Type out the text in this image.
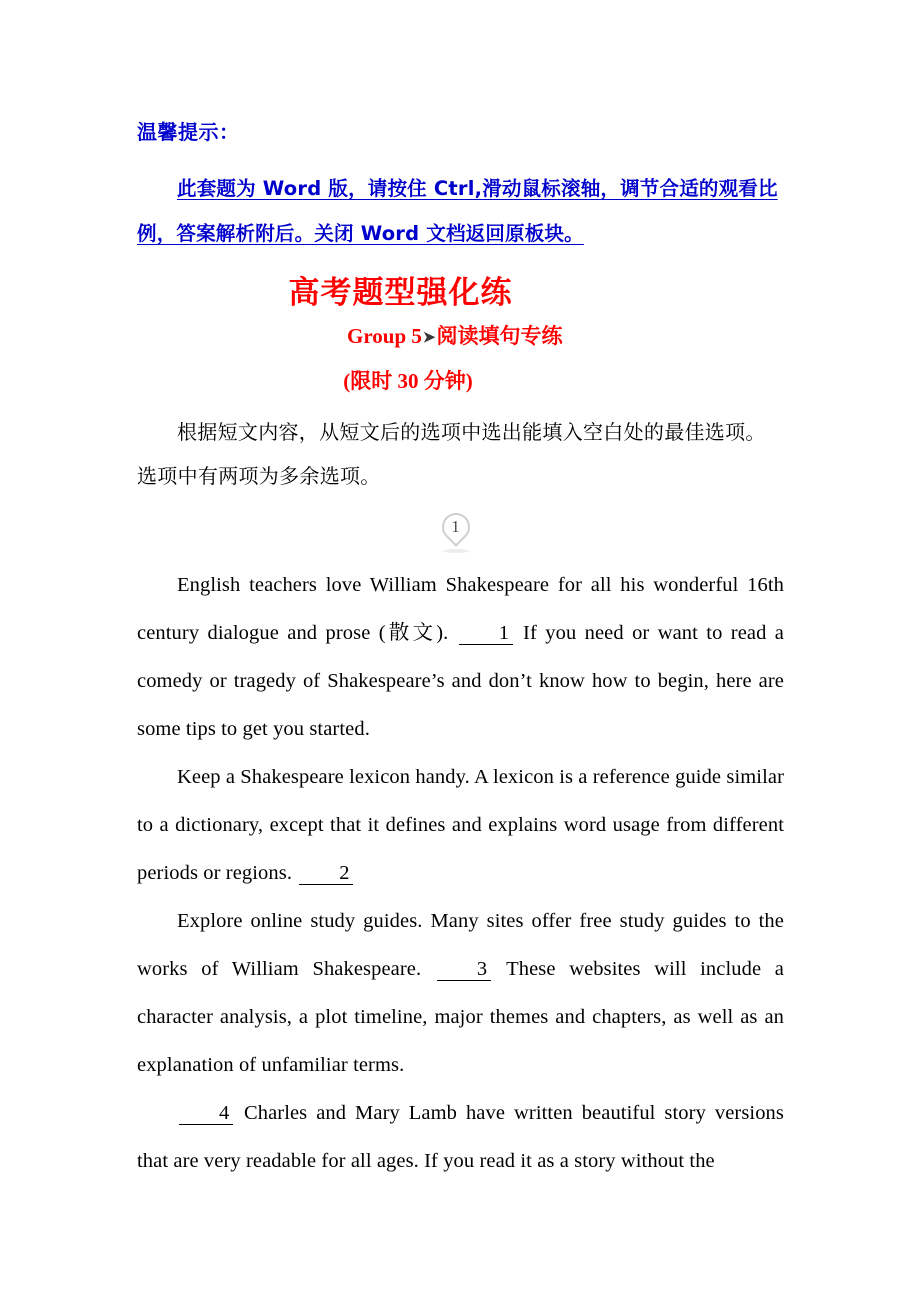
温馨提示：

此套题为 Word 版，请按住 Ctrl,滑动鼠标滚轴，调节合适的观看比例，答案解析附后。关闭 Word 文档返回原板块。

高考题型强化练
Group 5➤阅读填句专练

(限时 30 分钟)

根据短文内容，从短文后的选项中选出能填入空白处的最佳选项。选项中有两项为多余选项。

1

English teachers love William Shakespeare for all his wonderful 16th century dialogue and prose (散文). 1 If you need or want to read a comedy or tragedy of Shakespeare’s and don’t know how to begin, here are some tips to get you started.

Keep a Shakespeare lexicon handy. A lexicon is a reference guide similar to a dictionary, except that it defines and explains word usage from different periods or regions. 2

Explore online study guides. Many sites offer free study guides to the works of William Shakespeare. 3 These websites will include a character analysis, a plot timeline, major themes and chapters, as well as an explanation of unfamiliar terms.

4 Charles and Mary Lamb have written beautiful story versions that are very readable for all ages. If you read it as a story without the
